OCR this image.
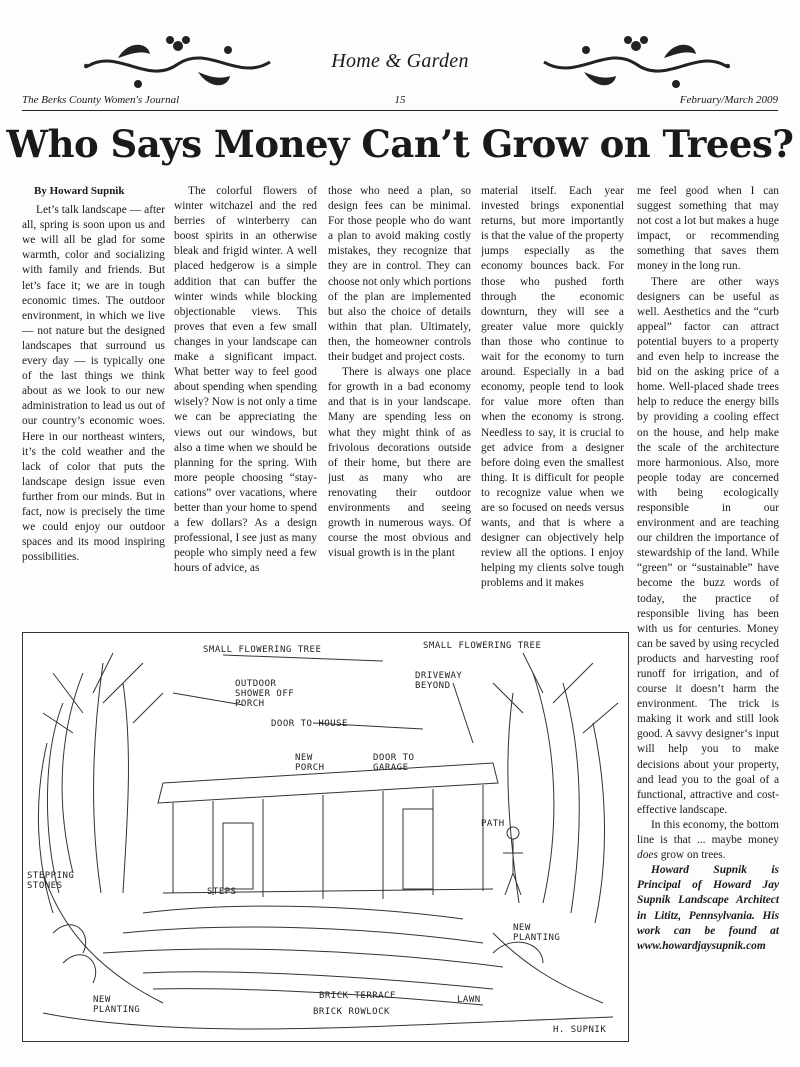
Home & Garden
The Berks County Women's Journal	15	February/March 2009
Who Says Money Can’t Grow on Trees?
By Howard Supnik

Let’s talk landscape — after all, spring is soon upon us and we will all be glad for some warmth, color and socializing with family and friends. But let’s face it; we are in tough economic times. The outdoor environment, in which we live — not nature but the designed landscapes that surround us every day — is typically one of the last things we think about as we look to our new administration to lead us out of our country’s economic woes. Here in our northeast winters, it’s the cold weather and the lack of color that puts the landscape design issue even further from our minds. But in fact, now is precisely the time we could enjoy our outdoor spaces and its mood inspiring possibilities.

The colorful flowers of winter witchazel and the red berries of winterberry can boost spirits in an otherwise bleak and frigid winter. A well placed hedgerow is a simple addition that can buffer the winter winds while blocking objectionable views. This proves that even a few small changes in your landscape can make a significant impact. What better way to feel good about spending when spending wisely? Now is not only a time we can be appreciating the views out our windows, but also a time when we should be planning for the spring. With more people choosing “stay-cations” over vacations, where better than your home to spend a few dollars? As a design professional, I see just as many people who simply need a few hours of advice, as

those who need a plan, so design fees can be minimal. For those people who do want a plan to avoid making costly mistakes, they recognize that they are in control. They can choose not only which portions of the plan are implemented but also the choice of details within that plan. Ultimately, then, the homeowner controls their budget and project costs.

There is always one place for growth in a bad economy and that is in your landscape. Many are spending less on what they might think of as frivolous decorations outside of their home, but there are just as many who are renovating their outdoor environments and seeing growth in numerous ways. Of course the most obvious and visual growth is in the plant

material itself. Each year invested brings exponential returns, but more importantly is that the value of the property jumps especially as the economy bounces back. For those who pushed forth through the economic downturn, they will see a greater value more quickly than those who continue to wait for the economy to turn around. Especially in a bad economy, people tend to look for value more often than when the economy is strong. Needless to say, it is crucial to get advice from a designer before doing even the smallest thing. It is difficult for people to recognize value when we are so focused on needs versus wants, and that is where a designer can objectively help review all the options. I enjoy helping my clients solve tough problems and it makes

me feel good when I can suggest something that may not cost a lot but makes a huge impact, or recommending something that saves them money in the long run.

There are other ways designers can be useful as well. Aesthetics and the “curb appeal” factor can attract potential buyers to a property and even help to increase the bid on the asking price of a home. Well-placed shade trees help to reduce the energy bills by providing a cooling effect on the house, and help make the scale of the architecture more harmonious. Also, more people today are concerned with being ecologically responsible in our environment and are teaching our children the importance of stewardship of the land. While “green” or “sustainable” have become the buzz words of today, the practice of responsible living has been with us for centuries. Money can be saved by using recycled products and harvesting roof runoff for irrigation, and of course it doesn’t harm the environment. The trick is making it work and still look good. A savvy designer‘s input will help you to make decisions about your property, and lead you to the goal of a functional, attractive and cost-effective landscape.

In this economy, the bottom line is that ... maybe money does grow on trees.

Howard Supnik is Principal of Howard Jay Supnik Landscape Architect in Lititz, Pennsylvania. His work can be found at www.howardjaysupnik.com

SMALL FLOWERING TREE	SMALL FLOWERING TREE
OUTDOOR SHOWER OFF PORCH
DRIVEWAY BEYOND
DOOR TO HOUSE
NEW PORCH
DOOR TO GARAGE
PATH
STEPPING STONES
STEPS
NEW PLANTING
NEW PLANTING
BRICK TERRACE
BRICK ROWLOCK
LAWN
H. SUPNIK
